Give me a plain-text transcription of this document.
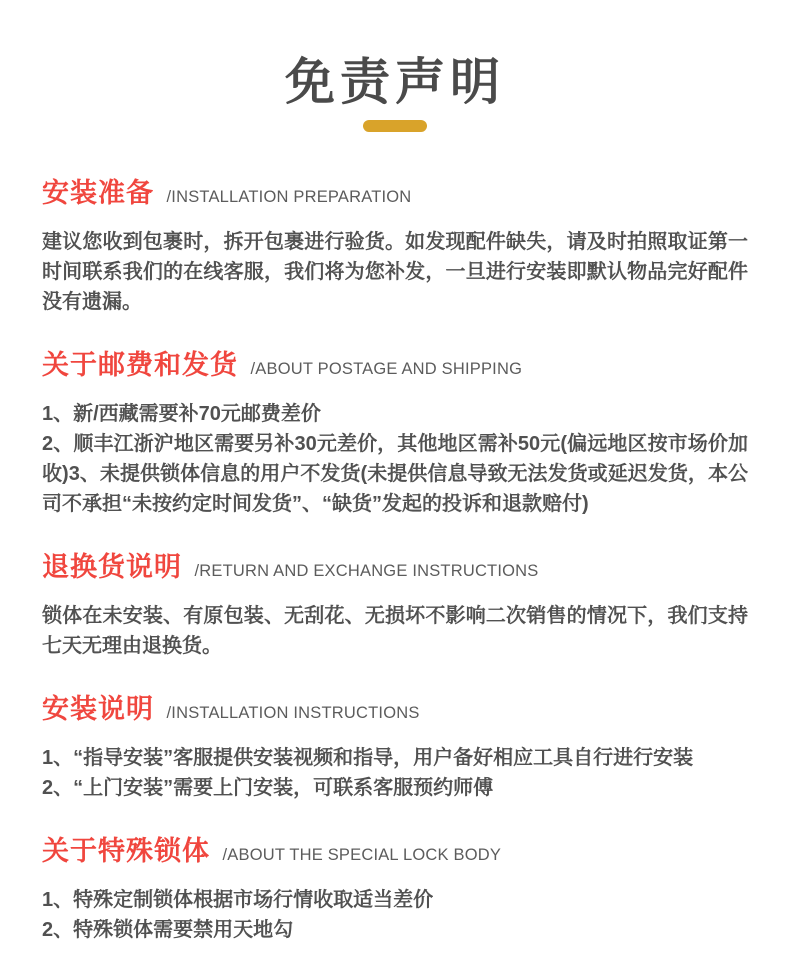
免责声明
安装准备 /INSTALLATION PREPARATION

建议您收到包裹时，拆开包裹进行验货。如发现配件缺失，请及时拍照取证第一时间联系我们的在线客服，我们将为您补发，一旦进行安装即默认物品完好配件没有遗漏。

关于邮费和发货 /ABOUT POSTAGE AND SHIPPING

1、新/西藏需要补70元邮费差价

2、顺丰江浙沪地区需要另补30元差价，其他地区需补50元(偏远地区按市场价加收)3、未提供锁体信息的用户不发货(未提供信息导致无法发货或延迟发货，本公司不承担“未按约定时间发货”、“缺货”发起的投诉和退款赔付)

退换货说明 /RETURN AND EXCHANGE INSTRUCTIONS

锁体在未安装、有原包装、无刮花、无损坏不影响二次销售的情况下，我们支持七天无理由退换货。

安装说明 /INSTALLATION INSTRUCTIONS

1、“指导安装”客服提供安装视频和指导，用户备好相应工具自行进行安装

2、“上门安装”需要上门安装，可联系客服预约师傅

关于特殊锁体 /ABOUT THE SPECIAL LOCK BODY

1、特殊定制锁体根据市场行情收取适当差价

2、特殊锁体需要禁用天地勾
